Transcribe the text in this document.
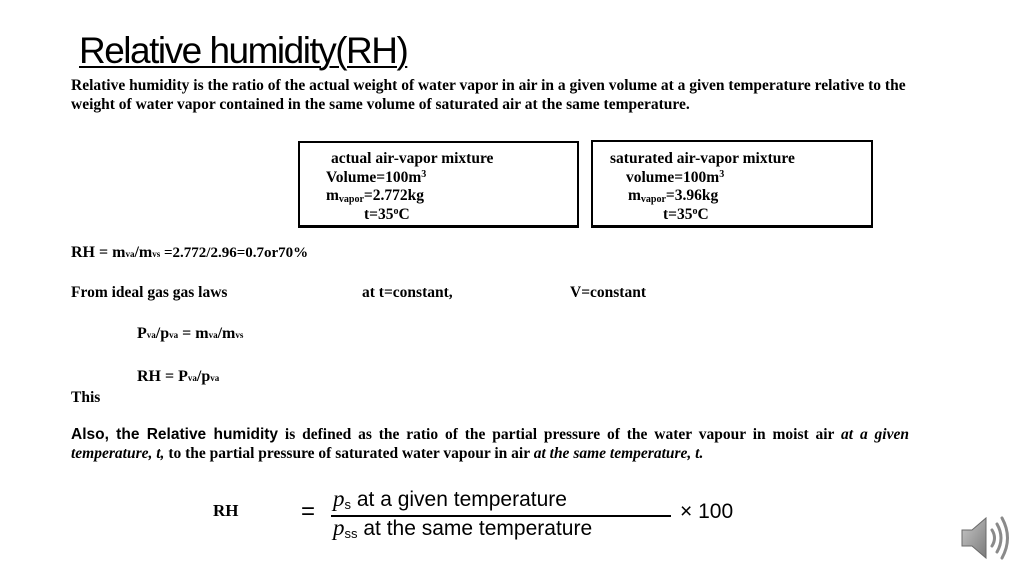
Relative humidity(RH)
Relative humidity is the ratio of the actual weight of water vapor in air in a given volume at a given temperature relative to the weight of water vapor contained in the same volume of saturated air at the same temperature.
actual air-vapor mixture
$Volume=100m^3$
$m_{vapor}=2.772kg$
$t=35^oC$
saturated air-vapor mixture
$volume=100m^3$
$m_{vapor}=3.96kg$
$t=35^oC$
RH = mva/mvs =2.772/2.96=0.7or70%
From ideal gas gas laws	at t=constant,	V=constant
Pva/pva = mva/mvs
RH = Pva/pva
This
Also, the Relative humidity is defined as the ratio of the partial pressure of the water vapour in moist air at a given temperature, t, to the partial pressure of saturated water vapour in air at the same temperature, t.
RH	= ps at a given temperature
pss at the same temperature
× 100
